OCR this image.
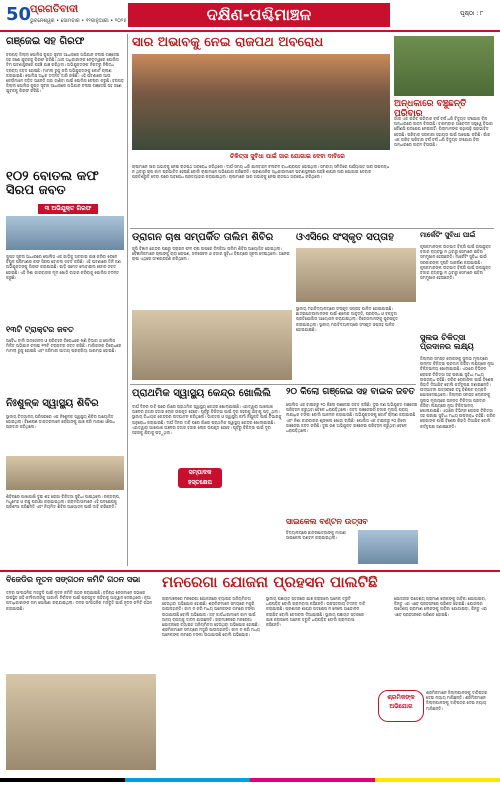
50
ପ୍ରଗତିବାଦୀ
ଭୁବନେଶ୍ୱର • ସୋମବାର • ୧୨ଜାନୁଆରୀ • ୨୦୨୫	ଦକ୍ଷିଣ-ପଶ୍ଚିମାଞ୍ଚଳ	ପୃଷ୍ଠା : ୮
ଗଞ୍ଜେଇ ସହ ଗିରଫ
ବରଗଡ଼ ଜିଲ୍ଲା ପୋଲିସ ଗୁପ୍ତ ସୂଚନା ଆଧାରରେ ଅଭିଯାନ ଚଳାଇ ଗଞ୍ଜେଇ ସହ ଜଣେ ଯୁବକକୁ ଗିରଫ କରିଛି। ଥାନା ଅଧିକାରୀଙ୍କ ନେତୃତ୍ୱରେ ପୋଲିସ ଟିମ ଘଟଣାସ୍ଥଳରେ ପହଞ୍ଚି ଯାଞ୍ଚ କରିଥିଲା। ଅଭିଯୁକ୍ତଙ୍କ ନିକଟରୁ ନିଷିଦ୍ଧ ଦ୍ରବ୍ୟ ଜବତ ହୋଇଛି। ମାମଲା ରୁଜୁ କରି ଅଭିଯୁକ୍ତଙ୍କୁ କୋର୍ଟ ଚାଲାଣ କରାଯାଇଛି। ପୋଲିସ ଅଧିକ ତଦନ୍ତ ଜାରି ରଖିଛି। ଏହି ଘଟଣାରେ ଆଉ କେଉଁମାନେ ଜଡ଼ିତ ଅଛନ୍ତି ତାହା ଜାଣିବା ପାଇଁ ପୋଲିସ ଚେଷ୍ଟା କରୁଛି। ବରଗଡ଼ ଜିଲ୍ଲା ପୋଲିସ ଗୁପ୍ତ ସୂଚନା ଆଧାରରେ ଅଭିଯାନ ଚଳାଇ ଗଞ୍ଜେଇ ସହ ଜଣେ ଯୁବକକୁ ଗିରଫ କରିଛି।
୧୦୨ ବୋତଲ କଫ ସିରପ ଜବତ
୩ ଅଭିଯୁକ୍ତ ଗିରଫ
ଗୁପ୍ତ ସୂଚନା ଆଧାରରେ ପୋଲିସ ଏକ ଗାଡ଼ିକୁ ଅଟକାଇ ଯାଞ୍ଚ କରିବା ବେଳେ ବିପୁଳ ପରିମାଣର କଫ ସିରପ ବୋତଲ ଜବତ କରିଛି। ଏହି ଘଟଣାରେ ତିନି ଜଣ ଅଭିଯୁକ୍ତଙ୍କୁ ଗିରଫ କରାଯାଇଛି। ଗାଡ଼ି ସମେତ ମୋବାଇଲ ଫୋନ ଜବତ ହୋଇଛି। ଏହି ନିଶା କାରବାରର ମୂଳ ଖୋଜି ବାହାର କରିବାକୁ ପୋଲିସ ତଦନ୍ତ କରୁଛି।
୧୩ଟି ଟ୍ରାକ୍ଟର ଜବତ
ଅବୈଧ ବାଲି ଉତ୍ତୋଳନ ଓ ପରିବହନ ବିରୋଧରେ ଖଣି ବିଭାଗ ଓ ପୋଲିସ ମିଳିତ ଅଭିଯାନ ଚଳାଇ ୧୩ଟି ଟ୍ରାକ୍ଟର ଜବତ କରିଛି। ମାଲିକଙ୍କ ବିରୋଧରେ ମାମଲା ରୁଜୁ ହୋଇଛି ଏବଂ ଜରିମାନା ଆଦାୟ ପ୍ରକ୍ରିୟା ଆରମ୍ଭ ହୋଇଛି।
ନିଃଶୁଳ୍କ ସ୍ୱାସ୍ଥ୍ୟ ଶିବିର
ସ୍ଥାନୀୟ ବିଦ୍ୟାଳୟ ପରିସରରେ ଏକ ନିଃଶୁଳ୍କ ସ୍ୱାସ୍ଥ୍ୟ ଶିବିର ଆୟୋଜିତ ହୋଇଥିଲା। ବିଶେଷଜ୍ଞ ଡାକ୍ତରମାନେ ରୋଗୀଙ୍କୁ ଯାଞ୍ଚ କରି ମାଗଣା ଔଷଧ ପ୍ରଦାନ କରିଥିଲେ।
ଶିବିରରେ ପାଖାପାଖି ଦୁଇ ଶହ ରୋଗୀ ଚିକିତ୍ସା ସୁବିଧା ପାଇଥିଲେ। ରକ୍ତଚାପ, ମଧୁମେହ ଓ ଚକ୍ଷୁ ପରୀକ୍ଷା କରାଯାଇଥିଲା। ଗ୍ରାମବାସୀମାନେ ଏହି ପଦକ୍ଷେପକୁ ପ୍ରଶଂସା କରିଛନ୍ତି ଏବଂ ନିୟମିତ ଶିବିର ଆୟୋଜନ ପାଇଁ ଦାବି କରିଛନ୍ତି।
ସାର ଅଭାବକୁ ନେଇ ରାଜପଥ ଅବରୋଧ
ଚିକିତ୍ସା ସୁବିଧା ପାଇଁ ସାର ଯୋଗାଇ ଦେବା ଦାବିରେ
ଚାଷୀମାନେ ସାର ଅଭାବକୁ ନେଇ ରାଜପଥ ଅବରୋଧ କରିଥିଲେ। ଦୀର୍ଘ ସମୟ ଧରି ଯାନବାହନ ଚଳାଚଳ ବାଧାପ୍ରାପ୍ତ ହୋଇଥିଲା। ସମବାୟ ସମିତିରେ ପର୍ଯ୍ୟାପ୍ତ ସାର ଉପଲବ୍ଧ ନ ଥିବାରୁ ଚାଷ କାମ ପ୍ରଭାବିତ ହେଉଛି ବୋଲି ଚାଷୀମାନେ ଅଭିଯୋଗ କରିଛନ୍ତି। ପ୍ରଶାସନିକ ଅଧିକାରୀମାନେ ଘଟଣାସ୍ଥଳରେ ପହଞ୍ଚି ଶୀଘ୍ର ସାର ଯୋଗାଇ ଦେବାର ପ୍ରତିଶ୍ରୁତି ଦେବା ପରେ ଅବରୋଧ ପ୍ରତ୍ୟାହାର କରାଯାଇଥିଲା। ଚାଷୀମାନେ ସାର ଅଭାବକୁ ନେଇ ରାଜପଥ ଅବରୋଧ କରିଥିଲେ।
ଅନ୍ଧକାରେ ବଞ୍ଚୁଛନ୍ତି ପରିବାର
ଗାଁର ଏକ ଗରିବ ପରିବାର ବର୍ଷ ବର୍ଷ ଧରି ବିଦ୍ୟୁତ ସଂଯୋଗ ବିନା ଅନ୍ଧାରରେ ଜୀବନ ବିତାଉଛି। ବାରମ୍ବାର ଆବେଦନ ସତ୍ତ୍ୱେ ବିଭାଗ କୌଣସି ପଦକ୍ଷେପ ନେଇନାହିଁ। ପିଲାମାନଙ୍କ ପଢ଼ାପଢ଼ି ପ୍ରଭାବିତ ହେଉଛି। ପରିବାର ସରକାରୀ ସହାୟତା ପାଇଁ ଅପେକ୍ଷା କରିଛି। ଗାଁର ଏକ ଗରିବ ପରିବାର ବର୍ଷ ବର୍ଷ ଧରି ବିଦ୍ୟୁତ ସଂଯୋଗ ବିନା ଅନ୍ଧାରରେ ଜୀବନ ବିତାଉଛି।
ଡ୍ରାଗନ ଚାଷ ସମ୍ପର୍କିତ ତାଲିମ ଶିବିର
କୃଷି ବିଜ୍ଞାନ କେନ୍ଦ୍ର ପକ୍ଷରୁ ଡ୍ରାଗନ ଫଳ ଚାଷ ଉପରେ ଦିନକିଆ ତାଲିମ ଶିବିର ଆୟୋଜିତ ହୋଇଥିଲା। ବୈଜ୍ଞାନିକମାନେ ଚାଷୀଙ୍କୁ ଚାରା ରୋପଣ, ଜଳସେଚନ ଓ ବଜାର ସୁବିଧା ବିଷୟରେ ସୂଚନା ଦେଇଥିଲେ। ଅନେକ ଚାଷୀ ଏଥିରେ ଅଂଶଗ୍ରହଣ କରିଥିଲେ।
ଓଏସିରେ ସଂସ୍କୃତ ସପ୍ତାହ
ସ୍ଥାନୀୟ ମହାବିଦ୍ୟାଳୟରେ ସଂସ୍କୃତ ସପ୍ତାହ ପାଳିତ ହୋଇଯାଇଛି। ଛାତ୍ରଛାତ୍ରୀମାନଙ୍କ ପାଇଁ ଶ୍ଳୋକ ଆବୃତ୍ତି, ପ୍ରବନ୍ଧ ଓ ବକ୍ତୃତା ପ୍ରତିଯୋଗିତା ଆୟୋଜନ କରାଯାଇଥିଲା। ବିଜେତାମାନଙ୍କୁ ପୁରସ୍କୃତ କରାଯାଇଥିଲା। ସ୍ଥାନୀୟ ମହାବିଦ୍ୟାଳୟରେ ସଂସ୍କୃତ ସପ୍ତାହ ପାଳିତ ହୋଇଯାଇଛି।
ମାର୍କେଟିଂ ସୁବିଧା ପାଇଁ
କୃଷକମାନଙ୍କ ଉତ୍ପାଦ ବିକ୍ରି ପାଇଁ ଉପଯୁକ୍ତ ବଜାର ବ୍ୟବସ୍ଥା ନ ଥିବାରୁ ସେମାନେ କ୍ଷତିର ସମ୍ମୁଖୀନ ହେଉଛନ୍ତି। ମାର୍କେଟିଂ ସୁବିଧା ପାଇଁ ସରକାରଙ୍କ ଦୃଷ୍ଟି ଆକର୍ଷଣ କରାଯାଇଛି। କୃଷକମାନଙ୍କ ଉତ୍ପାଦ ବିକ୍ରି ପାଇଁ ଉପଯୁକ୍ତ ବଜାର ବ୍ୟବସ୍ଥା ନ ଥିବାରୁ ସେମାନେ କ୍ଷତିର ସମ୍ମୁଖୀନ ହେଉଛନ୍ତି।
ସୁଲଭ ଚିକିତ୍ସା ପ୍ରଦାନର ଲକ୍ଷ୍ୟ
ଜିଲ୍ଲାର ସମସ୍ତ ଲୋକଙ୍କୁ ସୁଲଭ ମୂଲ୍ୟରେ ଉନ୍ନତ ଚିକିତ୍ସା ପ୍ରଦାନ କରିବା ଲକ୍ଷ୍ୟରେ ନୂଆ ଚିକିତ୍ସାଳୟ ଖୋଲାଯାଇଛି। ଏଠାରେ ବିଭିନ୍ନ ରୋଗର ଚିକିତ୍ସା ସହ ପରୀକ୍ଷା ସୁବିଧା ମଧ୍ୟ ଉପଲବ୍ଧ ରହିଛି। ଗରିବ ରୋଗୀଙ୍କ ପାଇଁ ବିଶେଷ ରିହାତି ଦିଆଯିବ ବୋଲି କର୍ତ୍ତୃପକ୍ଷ ଜଣାଇଛନ୍ତି। ଉଦ୍‌ଘାଟନୀ ଉତ୍ସବରେ ବହୁ ବିଶିଷ୍ଟ ବ୍ୟକ୍ତି ଯୋଗଦେଇଥିଲେ। ଜିଲ୍ଲାର ସମସ୍ତ ଲୋକଙ୍କୁ ସୁଲଭ ମୂଲ୍ୟରେ ଉନ୍ନତ ଚିକିତ୍ସା ପ୍ରଦାନ କରିବା ଲକ୍ଷ୍ୟରେ ନୂଆ ଚିକିତ୍ସାଳୟ ଖୋଲାଯାଇଛି। ଏଠାରେ ବିଭିନ୍ନ ରୋଗର ଚିକିତ୍ସା ସହ ପରୀକ୍ଷା ସୁବିଧା ମଧ୍ୟ ଉପଲବ୍ଧ ରହିଛି। ଗରିବ ରୋଗୀଙ୍କ ପାଇଁ ବିଶେଷ ରିହାତି ଦିଆଯିବ ବୋଲି କର୍ତ୍ତୃପକ୍ଷ ଜଣାଇଛନ୍ତି।
ପ୍ରାଥମିକ ସ୍ୱାସ୍ଥ୍ୟ କେନ୍ଦ୍ର ଖୋଲିଲି
ଦୀର୍ଘ ଦିନର ଦାବି ପରେ ଗାଁରେ ପ୍ରାଥମିକ ସ୍ୱାସ୍ଥ୍ୟ କେନ୍ଦ୍ର ଖୋଲାଯାଇଛି। ଏହାଦ୍ୱାରା ଆଖପାଖ ଅଞ୍ଚଳର ହଜାର ହଜାର ଲୋକ ଉପକୃତ ହେବେ। ପୂର୍ବରୁ ଚିକିତ୍ସା ପାଇଁ ଦୂର ସହରକୁ ଯିବାକୁ ପଡ଼ୁଥିଲା। ସ୍ଥାନୀୟ ବିଧାୟକ କେନ୍ଦ୍ରର ଉଦ୍‌ଘାଟନ କରିଥିଲେ। ଡାକ୍ତର ଓ ସ୍ୱାସ୍ଥ୍ୟ କର୍ମୀ ନିଯୁକ୍ତି ପାଇଁ ବିଭାଗକୁ ଅନୁରୋଧ କରାଯାଇଛି। ଦୀର୍ଘ ଦିନର ଦାବି ପରେ ଗାଁରେ ପ୍ରାଥମିକ ସ୍ୱାସ୍ଥ୍ୟ କେନ୍ଦ୍ର ଖୋଲାଯାଇଛି। ଏହାଦ୍ୱାରା ଆଖପାଖ ଅଞ୍ଚଳର ହଜାର ହଜାର ଲୋକ ଉପକୃତ ହେବେ। ପୂର୍ବରୁ ଚିକିତ୍ସା ପାଇଁ ଦୂର ସହରକୁ ଯିବାକୁ ପଡ଼ୁଥିଲା।
ସମ୍ପାଦକ ହସ୍ତକ୍ଷେପ
୨୦ କିଲୋ ଗଞ୍ଜେଇ ସହ ବାଇକ ଜବତ
ପୋଲିସ ଏକ ବାଇକରୁ ୨୦ କିଲୋ ଗଞ୍ଜେଇ ଜବତ କରିଛି। ଦୁଇ ଜଣ ଅଭିଯୁକ୍ତ ଗଞ୍ଜେଇ ପରିବହନ କରୁଥିବା ବେଳେ ଧରାପଡ଼ିଥିଲେ। ଜବତ ଗଞ୍ଜେଇର ବଜାର ମୂଲ୍ୟ ପ୍ରାୟ ଲକ୍ଷାଧିକ ଟଙ୍କା ବୋଲି ଆକଳନ କରାଯାଉଛି। ଅଭିଯୁକ୍ତଙ୍କୁ କୋର୍ଟ ଚାଲାଣ କରାଯାଇଛି ଏବଂ ନିଶା କାରବାରର ଶୃଙ୍ଖଳା ଖୋଜା ଚାଲିଛି। ପୋଲିସ ଏକ ବାଇକରୁ ୨୦ କିଲୋ ଗଞ୍ଜେଇ ଜବତ କରିଛି। ଦୁଇ ଜଣ ଅଭିଯୁକ୍ତ ଗଞ୍ଜେଇ ପରିବହନ କରୁଥିବା ବେଳେ ଧରାପଡ଼ିଥିଲେ।
ସାଇକେଲ ବଣ୍ଟନ ଉତ୍ସବ
ବିଦ୍ୟାଳୟରେ ଛାତ୍ରଛାତ୍ରୀଙ୍କୁ ମାଗଣା ସାଇକେଲ ବଣ୍ଟନ କରାଯାଇଥିଲା।
ବିଜେଡିର ନୂତନ ସଙ୍ଗଠନ କମିଟି ଗଠନ ସଭା
ଦଳର ସାଂଗଠନିକ ମଜବୁତି ପାଇଁ ନୂତନ କମିଟି ଗଠନ କରାଯାଇଛି। ବରିଷ୍ଠ ନେତାମାନେ ସଭାରେ ଉପସ୍ଥିତ ରହି କର୍ମୀମାନଙ୍କୁ ଆଗାମୀ ନିର୍ବାଚନ ପାଇଁ ପ୍ରସ୍ତୁତ ରହିବାକୁ ଆହ୍ୱାନ ଦେଇଥିଲେ। ନୂଆ ପଦାଧିକାରୀଙ୍କ ନାମ ଘୋଷଣା କରାଯାଇଥିଲା। ଦଳର ସାଂଗଠନିକ ମଜବୁତି ପାଇଁ ନୂତନ କମିଟି ଗଠନ କରାଯାଇଛି।
ମନରେଗା ଯୋଜନା ପ୍ରହସନ ପାଲଟିଛି
ଗ୍ରାମାଞ୍ଚଳରେ ମନରେଗା ଯୋଜନାରେ ବ୍ୟାପକ ଅନିୟମିତତା ହେଉଥିବା ଅଭିଯୋଗ ହୋଇଛି। ଶ୍ରମିକମାନେ ସମୟରେ ମଜୁରି ପାଉନାହାନ୍ତି। କାମ ନ କରି ମଧ୍ୟ ଅନେକଙ୍କ ନାମରେ ଟଙ୍କା ଉଠାଯାଉଛି ବୋଲି ଅଭିଯୋଗ। ଜବ କାର୍ଡଧାରୀମାନେ କାମ ପାଇଁ ଅନ୍ୟ ରାଜ୍ୟକୁ ଦାଦନ ଯାଉଛନ୍ତି। ଗ୍ରାମାଞ୍ଚଳରେ ମନରେଗା ଯୋଜନାରେ ବ୍ୟାପକ ଅନିୟମିତତା ହେଉଥିବା ଅଭିଯୋଗ ହୋଇଛି। ଶ୍ରମିକମାନେ ସମୟରେ ମଜୁରି ପାଉନାହାନ୍ତି। କାମ ନ କରି ମଧ୍ୟ ଅନେକଙ୍କ ନାମରେ ଟଙ୍କା ଉଠାଯାଉଛି ବୋଲି ଅଭିଯୋଗ।
ସ୍ଥାନୀୟ ପଞ୍ଚାୟତ ସ୍ତରରେ ଯାଞ୍ଚ କରାଗଲେ ଅନେକ ତ୍ରୁଟି ଧରାପଡ଼ିବ ବୋଲି ଗ୍ରାମବାସୀ କହିଛନ୍ତି। ଉଚ୍ଚସ୍ତରୀୟ ତଦନ୍ତ ଦାବି କରାଯାଇଛି। ପ୍ରଶାସନ ଶୀଘ୍ର ପଦକ୍ଷେପ ନ ନେଲେ ଆନ୍ଦୋଳନ କରାଯିବ ବୋଲି ଚେତାବନୀ ଦିଆଯାଇଛି। ସ୍ଥାନୀୟ ପଞ୍ଚାୟତ ସ୍ତରରେ ଯାଞ୍ଚ କରାଗଲେ ଅନେକ ତ୍ରୁଟି ଧରାପଡ଼ିବ ବୋଲି ଗ୍ରାମବାସୀ କହିଛନ୍ତି।
ଶ୍ରମିକଙ୍କ ଅଭିଯୋଗ
ଯୋଜନାର ଉଦ୍ଦେଶ୍ୟ ଗ୍ରାମୀଣ ଲୋକଙ୍କୁ ଜୀବିକା ଯୋଗାଇବା, କିନ୍ତୁ ଏହା ଏବେ ପ୍ରହସନରେ ପରିଣତ ହୋଇଛି। ଯୋଜନାର ଉଦ୍ଦେଶ୍ୟ ଗ୍ରାମୀଣ ଲୋକଙ୍କୁ ଜୀବିକା ଯୋଗାଇବା, କିନ୍ତୁ ଏହା ଏବେ ପ୍ରହସନରେ ପରିଣତ ହୋଇଛି।
ଶ୍ରମିକମାନେ ଜିଲ୍ଲାପାଳଙ୍କୁ ଦାବିପତ୍ର ଦେଇ ନ୍ୟାୟ ମାଗିଛନ୍ତି। ଶ୍ରମିକମାନେ ଜିଲ୍ଲାପାଳଙ୍କୁ ଦାବିପତ୍ର ଦେଇ ନ୍ୟାୟ ମାଗିଛନ୍ତି।
